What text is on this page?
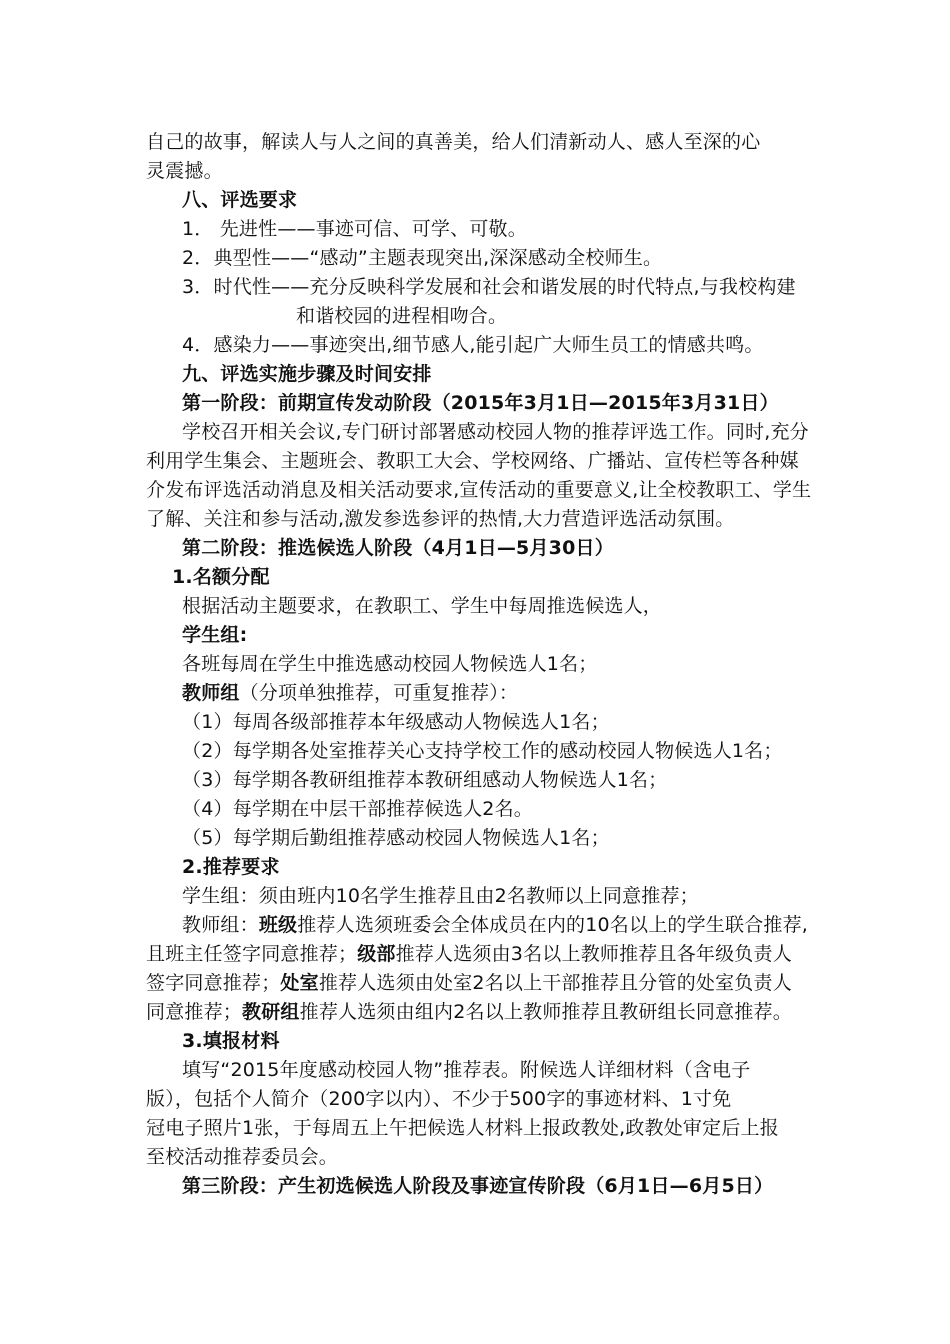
自己的故事，解读人与人之间的真善美，给人们清新动人、感人至深的心
灵震撼。
八、评选要求
1． 先进性——事迹可信、可学、可敬。
2．典型性——“感动”主题表现突出,深深感动全校师生。
3．时代性——充分反映科学发展和社会和谐发展的时代特点,与我校构建
和谐校园的进程相吻合。
4．感染力——事迹突出,细节感人,能引起广大师生员工的情感共鸣。
九、评选实施步骤及时间安排
第一阶段：前期宣传发动阶段（2015年3月1日—2015年3月31日）
学校召开相关会议,专门研讨部署感动校园人物的推荐评选工作。同时,充分
利用学生集会、主题班会、教职工大会、学校网络、广播站、宣传栏等各种媒
介发布评选活动消息及相关活动要求,宣传活动的重要意义,让全校教职工、学生
了解、关注和参与活动,激发参选参评的热情,大力营造评选活动氛围。
第二阶段：推选候选人阶段（4月1日—5月30日）
1.名额分配
根据活动主题要求，在教职工、学生中每周推选候选人，
学生组:
各班每周在学生中推选感动校园人物候选人1名；
教师组（分项单独推荐，可重复推荐）：
（1）每周各级部推荐本年级感动人物候选人1名；
（2）每学期各处室推荐关心支持学校工作的感动校园人物候选人1名；
（3）每学期各教研组推荐本教研组感动人物候选人1名；
（4）每学期在中层干部推荐候选人2名。
（5）每学期后勤组推荐感动校园人物候选人1名；
2.推荐要求
学生组：须由班内10名学生推荐且由2名教师以上同意推荐；
教师组：班级推荐人选须班委会全体成员在内的10名以上的学生联合推荐,
且班主任签字同意推荐；级部推荐人选须由3名以上教师推荐且各年级负责人
签字同意推荐；处室推荐人选须由处室2名以上干部推荐且分管的处室负责人
同意推荐；教研组推荐人选须由组内2名以上教师推荐且教研组长同意推荐。
3.填报材料
填写“2015年度感动校园人物”推荐表。附候选人详细材料（含电子
版），包括个人简介（200字以内）、不少于500字的事迹材料、1寸免
冠电子照片1张，于每周五上午把候选人材料上报政教处,政教处审定后上报
至校活动推荐委员会。
第三阶段：产生初选候选人阶段及事迹宣传阶段（6月1日—6月5日）
